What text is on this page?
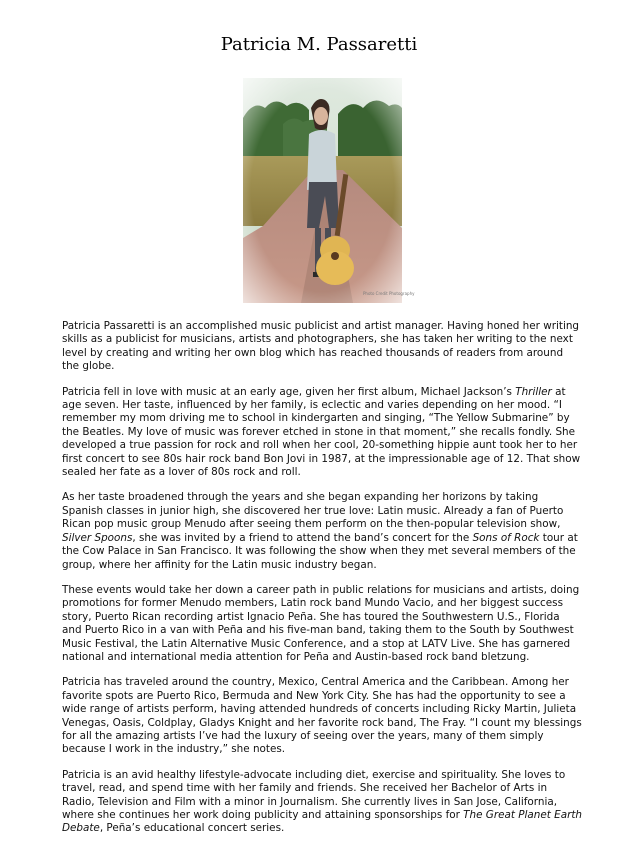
Patricia M. Passaretti
Photo Credit Photography

Patricia Passaretti is an accomplished music publicist and artist manager. Having honed her writing skills as a publicist for musicians, artists and photographers, she has taken her writing to the next level by creating and writing her own blog which has reached thousands of readers from around the globe.

Patricia fell in love with music at an early age, given her first album, Michael Jackson’s Thriller at age seven. Her taste, influenced by her family, is eclectic and varies depending on her mood. “I remember my mom driving me to school in kindergarten and singing, “The Yellow Submarine” by the Beatles. My love of music was forever etched in stone in that moment,” she recalls fondly. She developed a true passion for rock and roll when her cool, 20-something hippie aunt took her to her first concert to see 80s hair rock band Bon Jovi in 1987, at the impressionable age of 12. That show sealed her fate as a lover of 80s rock and roll.

As her taste broadened through the years and she began expanding her horizons by taking Spanish classes in junior high, she discovered her true love: Latin music. Already a fan of Puerto Rican pop music group Menudo after seeing them perform on the then-popular television show, Silver Spoons, she was invited by a friend to attend the band’s concert for the Sons of Rock tour at the Cow Palace in San Francisco. It was following the show when they met several members of the group, where her affinity for the Latin music industry began.

These events would take her down a career path in public relations for musicians and artists, doing promotions for former Menudo members, Latin rock band Mundo Vacio, and her biggest success story, Puerto Rican recording artist Ignacio Peña. She has toured the Southwestern U.S., Florida and Puerto Rico in a van with Peña and his five-man band, taking them to the South by Southwest Music Festival, the Latin Alternative Music Conference, and a stop at LATV Live. She has garnered national and international media attention for Peña and Austin-based rock band bletzung.

Patricia has traveled around the country, Mexico, Central America and the Caribbean. Among her favorite spots are Puerto Rico, Bermuda and New York City. She has had the opportunity to see a wide range of artists perform, having attended hundreds of concerts including Ricky Martin, Julieta Venegas, Oasis, Coldplay, Gladys Knight and her favorite rock band, The Fray. “I count my blessings for all the amazing artists I’ve had the luxury of seeing over the years, many of them simply because I work in the industry,” she notes.

Patricia is an avid healthy lifestyle-advocate including diet, exercise and spirituality. She loves to travel, read, and spend time with her family and friends. She received her Bachelor of Arts in Radio, Television and Film with a minor in Journalism. She currently lives in San Jose, California, where she continues her work doing publicity and attaining sponsorships for The Great Planet Earth Debate, Peña’s educational concert series.
